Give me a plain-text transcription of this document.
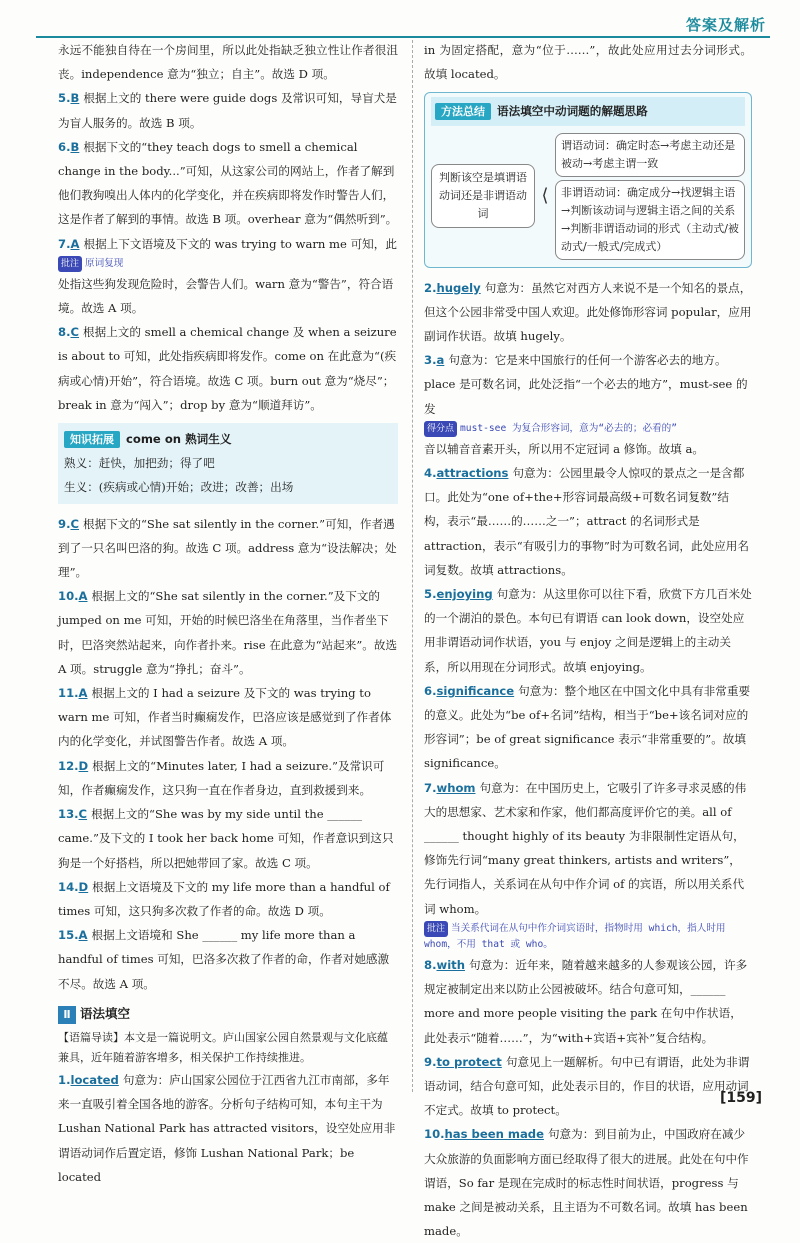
答案及解析

永远不能独自待在一个房间里，所以此处指缺乏独立性让作者很沮丧。independence 意为“独立；自主”。故选 D 项。

5.B 根据上文的 there were guide dogs 及常识可知，导盲犬是为盲人服务的。故选 B 项。
6.B 根据下文的“they teach dogs to smell a chemical change in the body...”可知，从这家公司的网站上，作者了解到他们教狗嗅出人体内的化学变化，并在疾病即将发作时警告人们，这是作者了解到的事情。故选 B 项。overhear 意为“偶然听到”。
7.A 根据上下文语境及下文的 was trying to warn me 可知，此
批注 原词复现
处指这些狗发现危险时，会警告人们。warn 意为“警告”，符合语境。故选 A 项。
8.C 根据上文的 smell a chemical change 及 when a seizure is about to 可知，此处指疾病即将发作。come on 在此意为“(疾病或心情)开始”，符合语境。故选 C 项。burn out 意为“烧尽”；break in 意为“闯入”；drop by 意为“顺道拜访”。
知识拓展 come on 熟词生义
熟义：赶快，加把劲；得了吧
生义：(疾病或心情)开始；改进；改善；出场
9.C 根据下文的“She sat silently in the corner.”可知，作者遇到了一只名叫巴洛的狗。故选 C 项。address 意为“设法解决；处理”。
10.A 根据上文的“She sat silently in the corner.”及下文的 jumped on me 可知，开始的时候巴洛坐在角落里，当作者坐下时，巴洛突然站起来，向作者扑来。rise 在此意为“站起来”。故选 A 项。struggle 意为“挣扎；奋斗”。
11.A 根据上文的 I had a seizure 及下文的 was trying to warn me 可知，作者当时癫痫发作，巴洛应该是感觉到了作者体内的化学变化，并试图警告作者。故选 A 项。
12.D 根据上文的“Minutes later, I had a seizure.”及常识可知，作者癫痫发作，这只狗一直在作者身边，直到救援到来。
13.C 根据上文的“She was by my side until the ______ came.”及下文的 I took her back home 可知，作者意识到这只狗是一个好搭档，所以把她带回了家。故选 C 项。
14.D 根据上文语境及下文的 my life more than a handful of times 可知，这只狗多次救了作者的命。故选 D 项。
15.A 根据上文语境和 She ______ my life more than a handful of times 可知，巴洛多次救了作者的命，作者对她感激不尽。故选 A 项。
Ⅱ 语法填空
【语篇导读】本文是一篇说明文。庐山国家公园自然景观与文化底蕴兼具，近年随着游客增多，相关保护工作持续推进。
1.located 句意为：庐山国家公园位于江西省九江市南部，多年来一直吸引着全国各地的游客。分析句子结构可知，本句主干为 Lushan National Park has attracted visitors，设空处应用非谓语动词作后置定语，修饰 Lushan National Park；be located

in 为固定搭配，意为“位于……”，故此处应用过去分词形式。故填 located。

方法总结 语法填空中动词题的解题思路
判断该空是填谓语动词还是非谓语动词
⟨
谓语动词：确定时态→考虑主动还是被动→考虑主谓一致
非谓语动词：确定成分→找逻辑主语→判断该动词与逻辑主语之间的关系→判断非谓语动词的形式（主动式/被动式/一般式/完成式）
2.hugely 句意为：虽然它对西方人来说不是一个知名的景点，但这个公园非常受中国人欢迎。此处修饰形容词 popular，应用副词作状语。故填 hugely。
3.a 句意为：它是来中国旅行的任何一个游客必去的地方。place 是可数名词，此处泛指“一个必去的地方”，must-see 的发
得分点 must-see 为复合形容词，意为“必去的；必看的”
音以辅音音素开头，所以用不定冠词 a 修饰。故填 a。
4.attractions 句意为：公园里最令人惊叹的景点之一是含都口。此处为“one of+the+形容词最高级+可数名词复数”结构，表示“最……的……之一”；attract 的名词形式是 attraction，表示“有吸引力的事物”时为可数名词，此处应用名词复数。故填 attractions。
5.enjoying 句意为：从这里你可以往下看，欣赏下方几百米处的一个湖泊的景色。本句已有谓语 can look down，设空处应用非谓语动词作状语，you 与 enjoy 之间是逻辑上的主动关系，所以用现在分词形式。故填 enjoying。
6.significance 句意为：整个地区在中国文化中具有非常重要的意义。此处为“be of+名词”结构，相当于“be+该名词对应的形容词”；be of great significance 表示“非常重要的”。故填 significance。
7.whom 句意为：在中国历史上，它吸引了许多寻求灵感的伟大的思想家、艺术家和作家，他们都高度评价它的美。all of ______ thought highly of its beauty 为非限制性定语从句，修饰先行词“many great thinkers, artists and writers”，先行词指人，关系词在从句中作介词 of 的宾语，所以用关系代词 whom。
批注 当关系代词在从句中作介词宾语时，指物时用 which，指人时用 whom，不用 that 或 who。
8.with 句意为：近年来，随着越来越多的人参观该公园，许多规定被制定出来以防止公园被破坏。结合句意可知，______ more and more people visiting the park 在句中作状语，此处表示“随着……”，为“with+宾语+宾补”复合结构。
9.to protect 句意见上一题解析。句中已有谓语，此处为非谓语动词，结合句意可知，此处表示目的，作目的状语，应用动词不定式。故填 to protect。
10.has been made 句意为：到目前为止，中国政府在减少大众旅游的负面影响方面已经取得了很大的进展。此处在句中作谓语，So far 是现在完成时的标志性时间状语，progress 与 make 之间是被动关系，且主语为不可数名词。故填 has been made。
[159]
